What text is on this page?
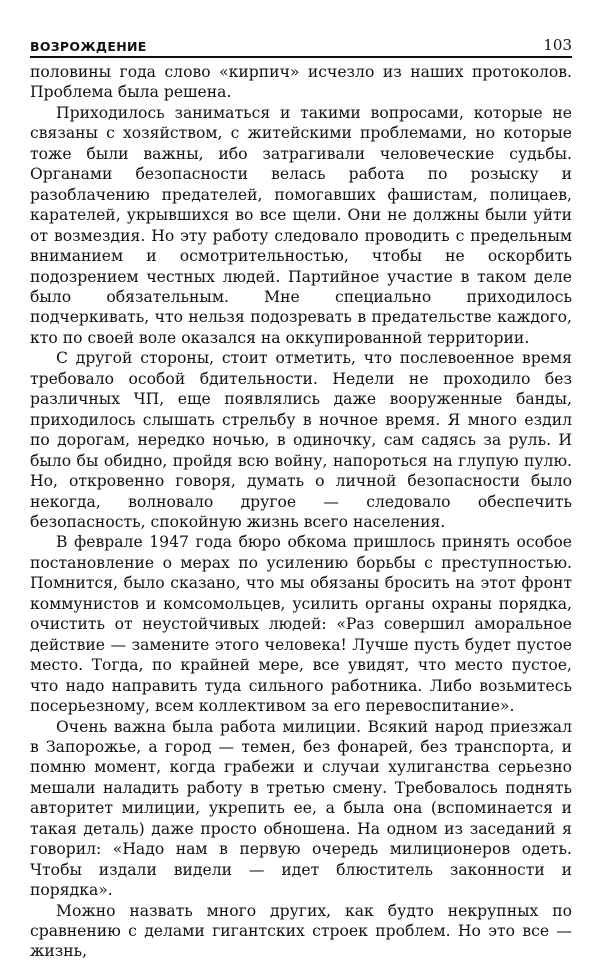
ВОЗРОЖДЕНИЕ	103

половины года слово «кирпич» исчезло из наших протоколов. Проблема была решена.

Приходилось заниматься и такими вопросами, которые не связаны с хозяйством, с житейскими проблемами, но которые тоже были важны, ибо затрагивали человеческие судьбы. Органами безопасности велась работа по розыску и разоблачению предателей, помогавших фашистам, полицаев, карателей, укрывшихся во все щели. Они не должны были уйти от возмездия. Но эту работу следовало проводить с предельным вниманием и осмотрительностью, чтобы не оскорбить подозрением честных людей. Партийное участие в таком деле было обязательным. Мне специально приходилось подчеркивать, что нельзя подозревать в предательстве каждого, кто по своей воле оказался на оккупированной территории.

С другой стороны, стоит отметить, что послевоенное время требовало особой бдительности. Недели не проходило без различных ЧП, еще появлялись даже вооруженные банды, приходилось слышать стрельбу в ночное время. Я много ездил по дорогам, нередко ночью, в одиночку, сам садясь за руль. И было бы обидно, пройдя всю войну, напороться на глупую пулю. Но, откровенно говоря, думать о личной безопасности было некогда, волновало другое — следовало обеспечить безопасность, спокойную жизнь всего населения.

В феврале 1947 года бюро обкома пришлось принять особое постановление о мерах по усилению борьбы с преступностью. Помнится, было сказано, что мы обязаны бросить на этот фронт коммунистов и комсомольцев, усилить органы охраны порядка, очистить от неустойчивых людей: «Раз совершил аморальное действие — замените этого человека! Лучше пусть будет пустое место. Тогда, по крайней мере, все увидят, что место пустое, что надо направить туда сильного работника. Либо возьмитесь посерьезному, всем коллективом за его перевоспитание».

Очень важна была работа милиции. Всякий народ приезжал в Запорожье, а город — темен, без фонарей, без транспорта, и помню момент, когда грабежи и случаи хулиганства серьезно мешали наладить работу в третью смену. Требовалось поднять авторитет милиции, укрепить ее, а была она (вспоминается и такая деталь) даже просто обношена. На одном из заседаний я говорил: «Надо нам в первую очередь милиционеров одеть. Чтобы издали видели — идет блюститель законности и порядка».

Можно назвать много других, как будто некрупных по сравнению с делами гигантских строек проблем. Но это все — жизнь,
